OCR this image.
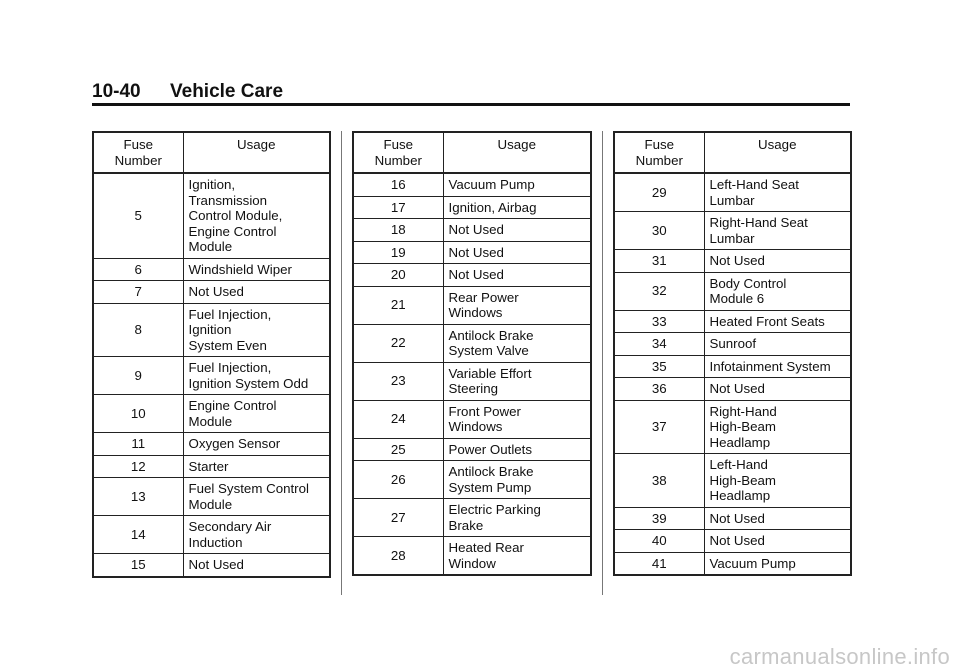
10-40 Vehicle Care
Fuse
Number	Usage
5	Ignition,
Transmission
Control Module,
Engine Control
Module
6	Windshield Wiper
7	Not Used
8	Fuel Injection,
Ignition
System Even
9	Fuel Injection,
Ignition System Odd
10	Engine Control
Module
11	Oxygen Sensor
12	Starter
13	Fuel System Control
Module
14	Secondary Air
Induction
15	Not Used
Fuse
Number	Usage
16	Vacuum Pump
17	Ignition, Airbag
18	Not Used
19	Not Used
20	Not Used
21	Rear Power
Windows
22	Antilock Brake
System Valve
23	Variable Effort
Steering
24	Front Power
Windows
25	Power Outlets
26	Antilock Brake
System Pump
27	Electric Parking
Brake
28	Heated Rear
Window
Fuse
Number	Usage
29	Left-Hand Seat
Lumbar
30	Right-Hand Seat
Lumbar
31	Not Used
32	Body Control
Module 6
33	Heated Front Seats
34	Sunroof
35	Infotainment System
36	Not Used
37	Right-Hand
High-Beam
Headlamp
38	Left-Hand
High-Beam
Headlamp
39	Not Used
40	Not Used
41	Vacuum Pump
carmanualsonline.info
